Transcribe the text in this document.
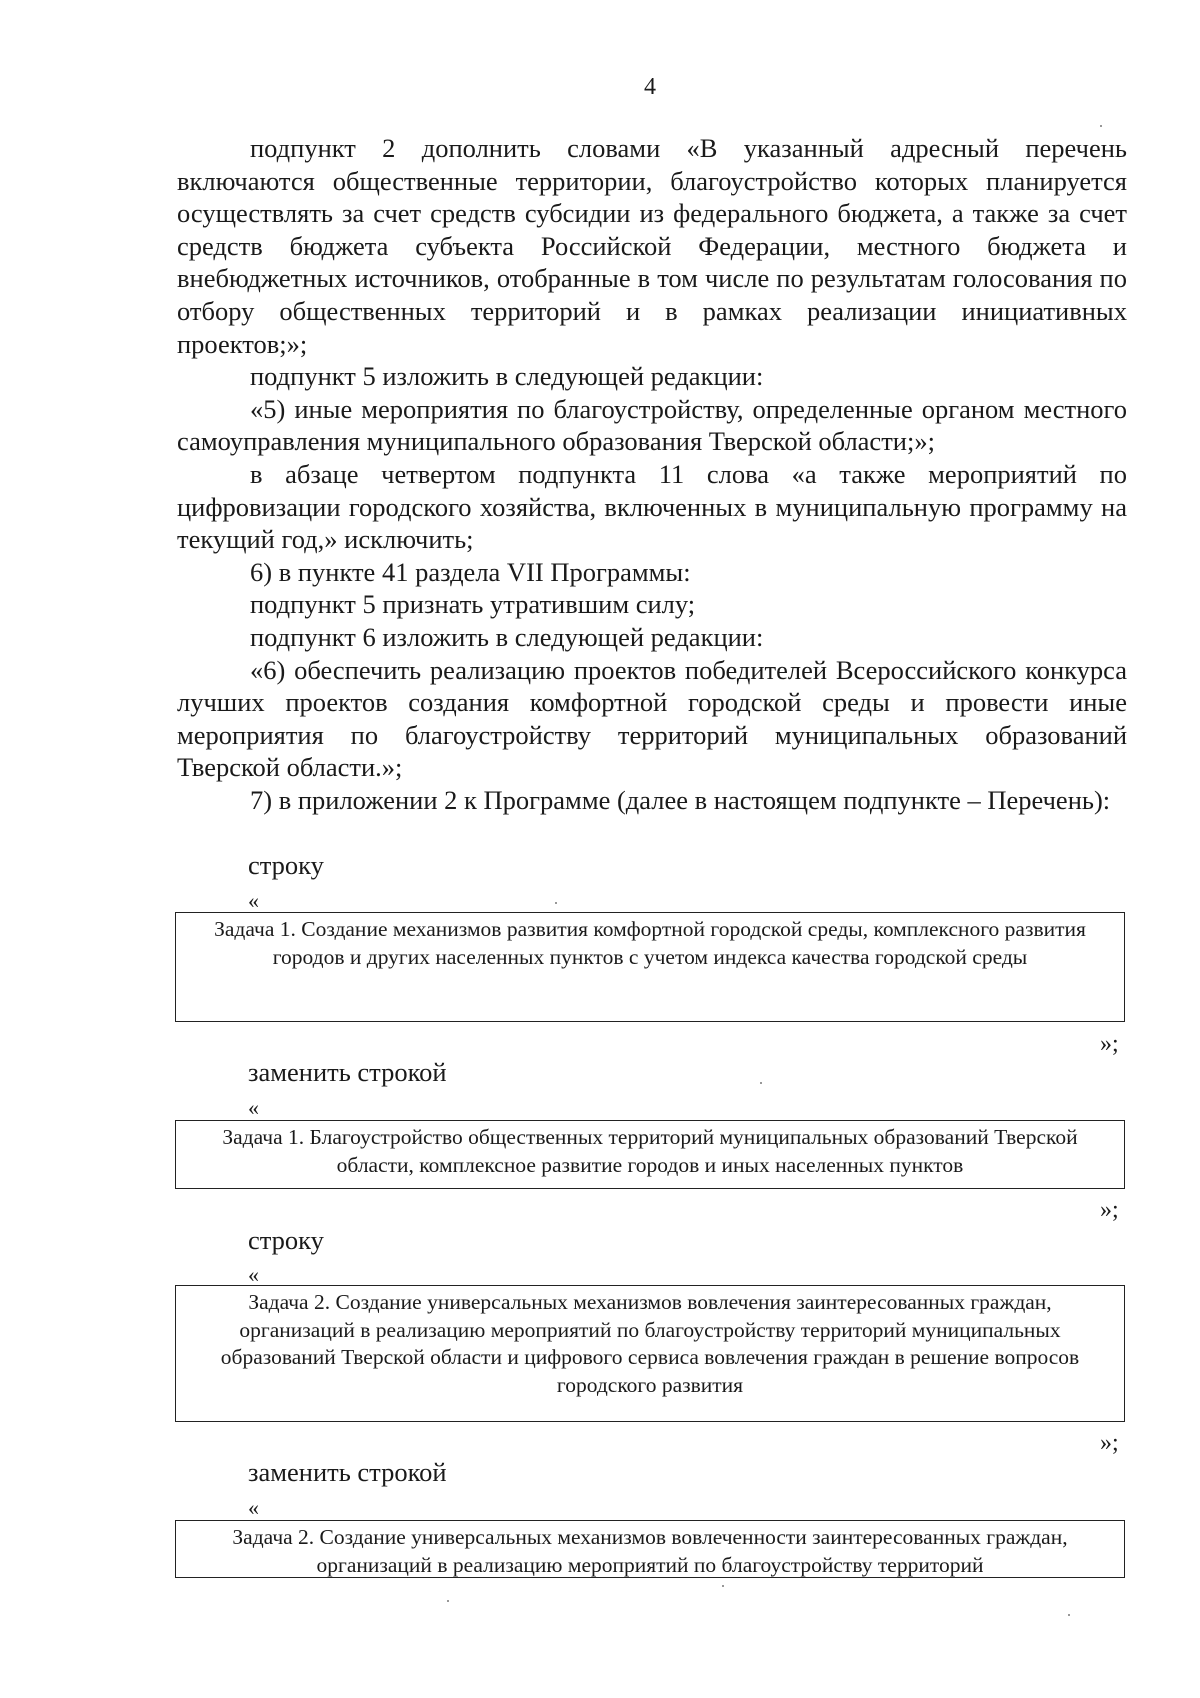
4

подпункт 2 дополнить словами «В указанный адресный перечень включаются общественные территории, благоустройство которых планируется осуществлять за счет средств субсидии из федерального бюджета, а также за счет средств бюджета субъекта Российской Федерации, местного бюджета и внебюджетных источников, отобранные в том числе по результатам голосования по отбору общественных территорий и в рамках реализации инициативных проектов;»;

подпункт 5 изложить в следующей редакции:

«5) иные мероприятия по благоустройству, определенные органом местного самоуправления муниципального образования Тверской области;»;

в абзаце четвертом подпункта 11 слова «а также мероприятий по цифровизации городского хозяйства, включенных в муниципальную программу на текущий год,» исключить;

6) в пункте 41 раздела VII Программы:

подпункт 5 признать утратившим силу;

подпункт 6 изложить в следующей редакции:

«6) обеспечить реализацию проектов победителей Всероссийского конкурса лучших проектов создания комфортной городской среды и провести иные мероприятия по благоустройству территорий муниципальных образований Тверской области.»;

7) в приложении 2 к Программе (далее в настоящем подпункте – Перечень):

строку
«
Задача 1. Создание механизмов развития комфортной городской среды, комплексного развития городов и других населенных пунктов с учетом индекса качества городской среды
»;
заменить строкой
«
Задача 1. Благоустройство общественных территорий муниципальных образований Тверской области, комплексное развитие городов и иных населенных пунктов
»;
строку
«
Задача 2. Создание универсальных механизмов вовлечения заинтересованных граждан, организаций в реализацию мероприятий по благоустройству территорий муниципальных образований Тверской области и цифрового сервиса вовлечения граждан в решение вопросов городского развития
»;
заменить строкой
«
Задача 2. Создание универсальных механизмов вовлеченности заинтересованных граждан, организаций в реализацию мероприятий по благоустройству территорий
